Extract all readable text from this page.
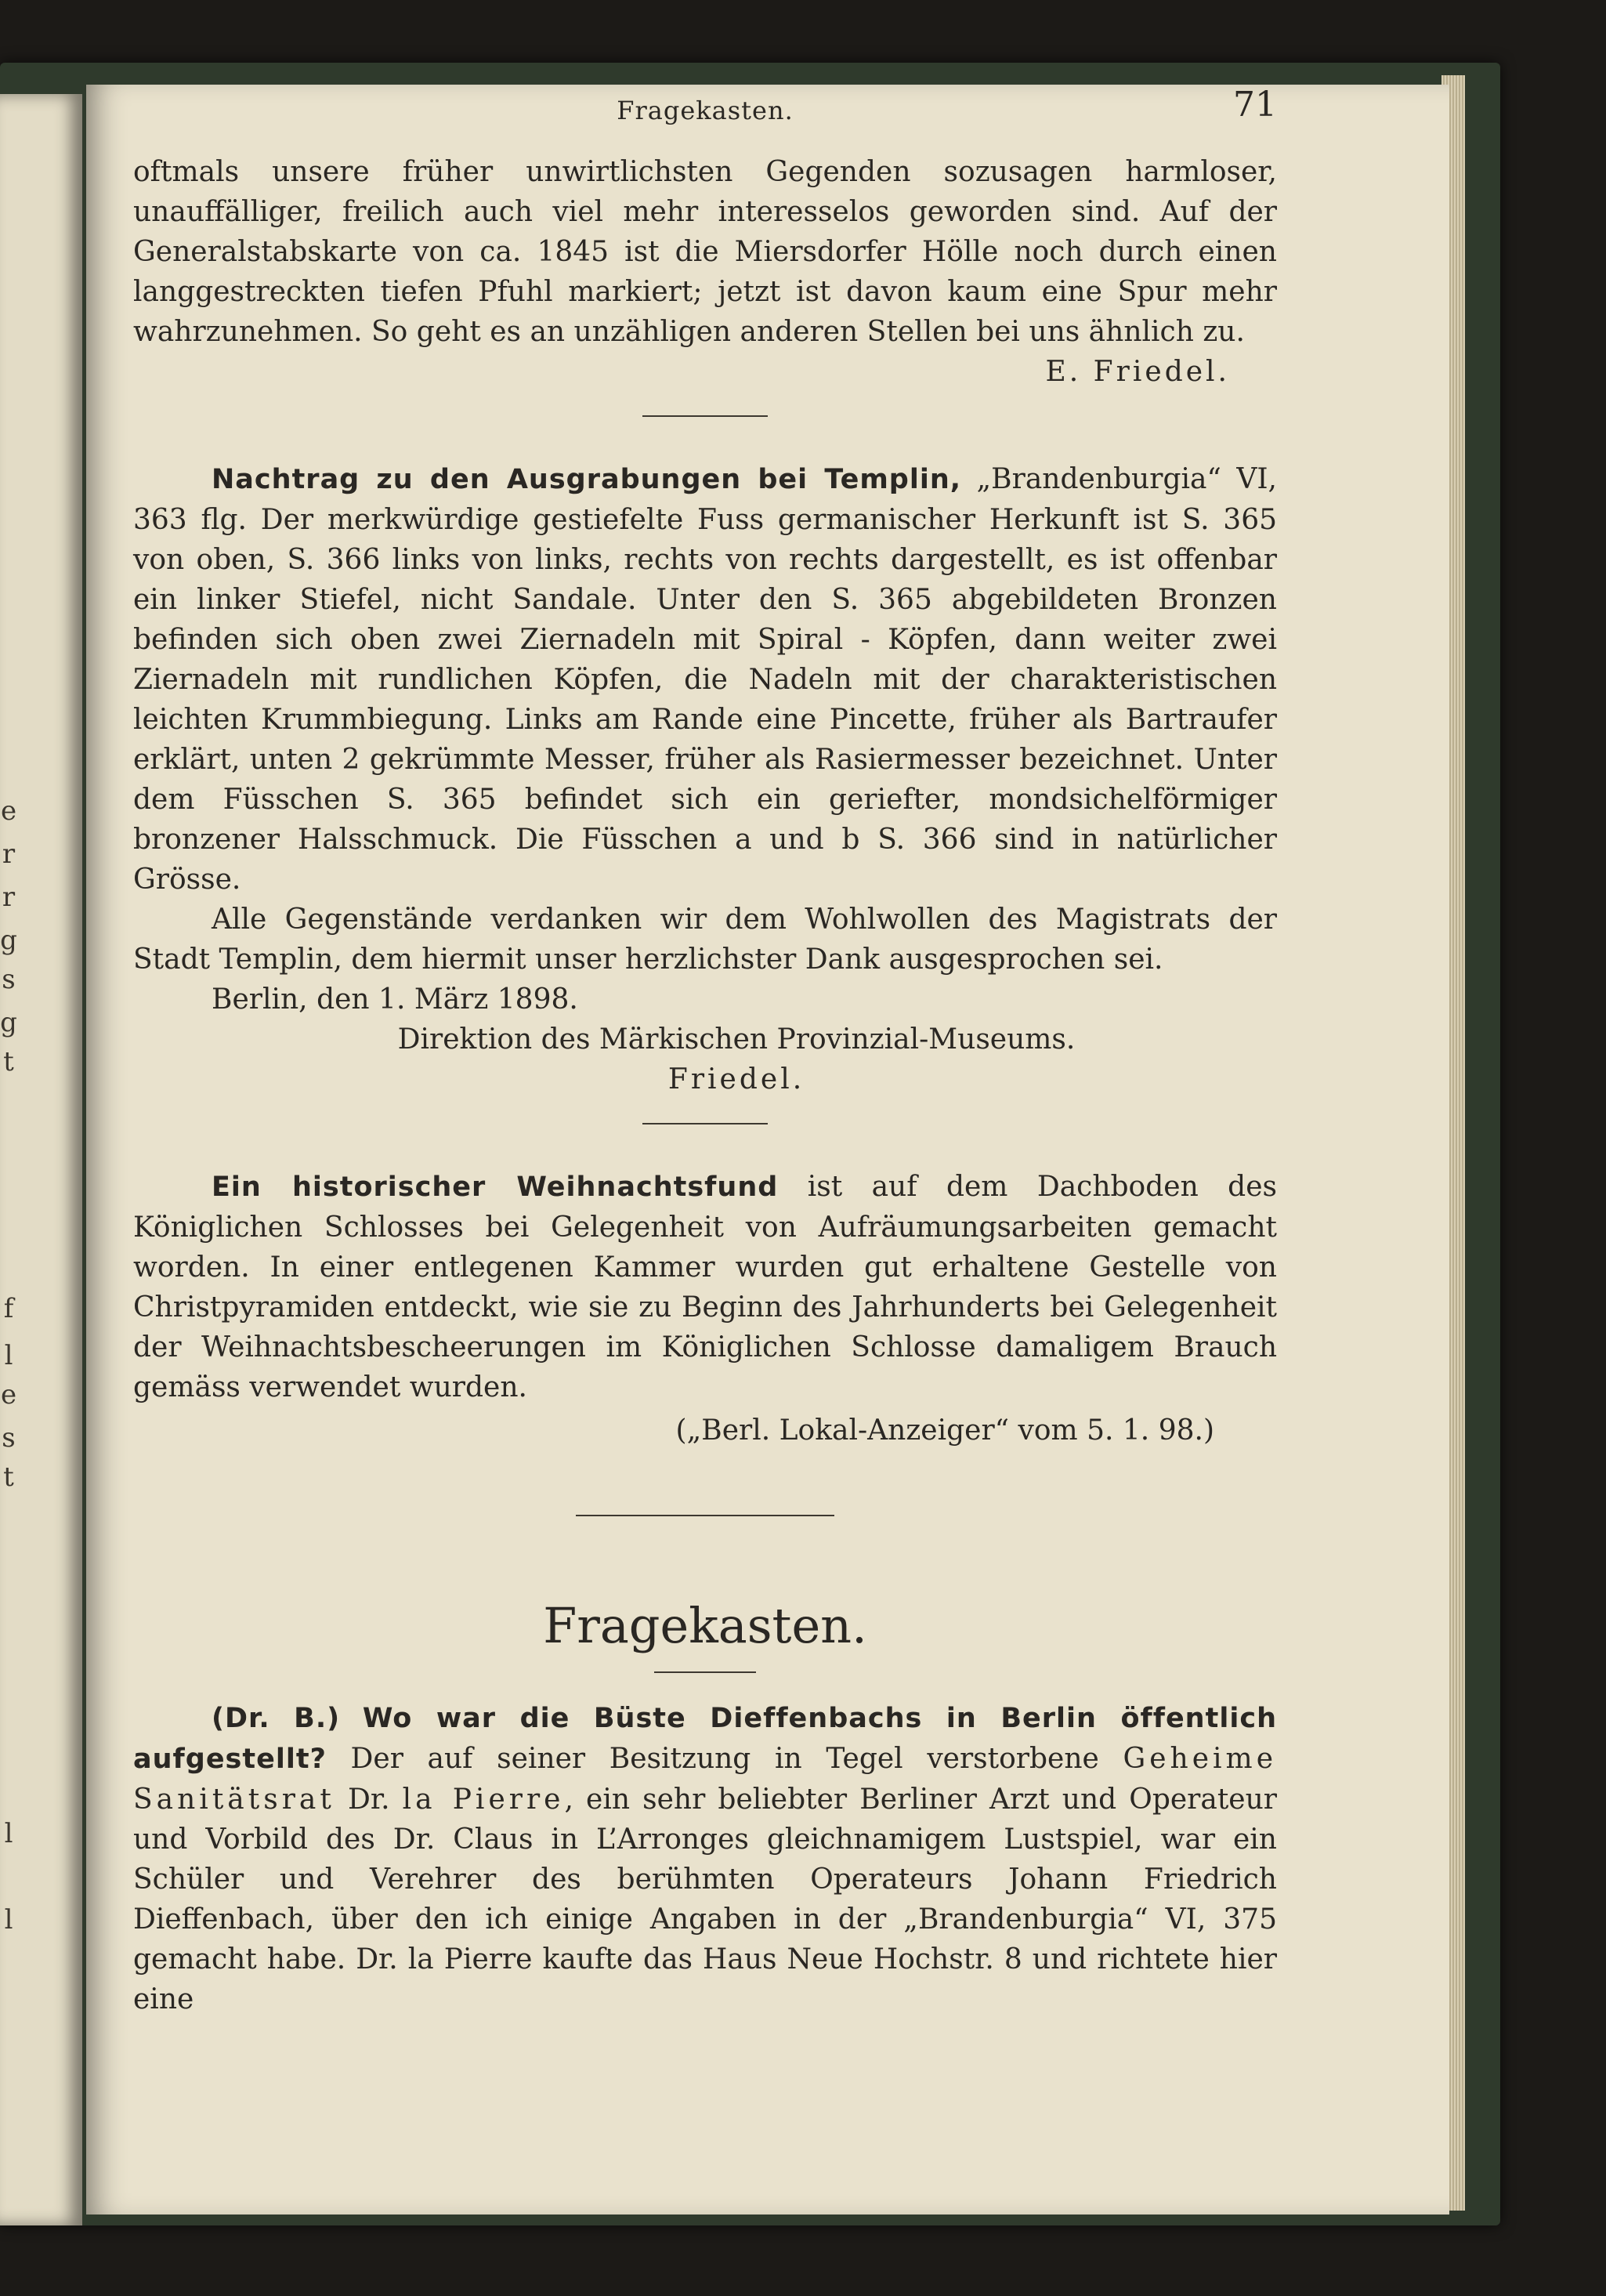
e
r
r
g
s
g
t
f
l
e
s
t
l
l
Fragekasten.	71

oftmals unsere früher unwirtlichsten Gegenden sozusagen harmloser, unauffälliger, freilich auch viel mehr interesselos geworden sind. Auf der Generalstabskarte von ca. 1845 ist die Miersdorfer Hölle noch durch einen langgestreckten tiefen Pfuhl markiert; jetzt ist davon kaum eine Spur mehr wahrzunehmen. So geht es an unzähligen anderen Stellen bei uns ähnlich zu.

E. Friedel.

Nachtrag zu den Ausgrabungen bei Templin, „Brandenburgia“ VI, 363 flg. Der merkwürdige gestiefelte Fuss germanischer Herkunft ist S. 365 von oben, S. 366 links von links, rechts von rechts dargestellt, es ist offenbar ein linker Stiefel, nicht Sandale. Unter den S. 365 abgebildeten Bronzen befinden sich oben zwei Ziernadeln mit Spiral - Köpfen, dann weiter zwei Ziernadeln mit rundlichen Köpfen, die Nadeln mit der charakteristischen leichten Krummbiegung. Links am Rande eine Pincette, früher als Bartraufer erklärt, unten 2 gekrümmte Messer, früher als Rasiermesser bezeichnet. Unter dem Füsschen S. 365 befindet sich ein geriefter, mondsichelförmiger bronzener Halsschmuck. Die Füsschen a und b S. 366 sind in natürlicher Grösse.

Alle Gegenstände verdanken wir dem Wohlwollen des Magistrats der Stadt Templin, dem hiermit unser herzlichster Dank ausgesprochen sei.

Berlin, den 1. März 1898.

Direktion des Märkischen Provinzial-Museums.

Friedel.

Ein historischer Weihnachtsfund ist auf dem Dachboden des Königlichen Schlosses bei Gelegenheit von Aufräumungsarbeiten gemacht worden. In einer entlegenen Kammer wurden gut erhaltene Gestelle von Christpyramiden entdeckt, wie sie zu Beginn des Jahrhunderts bei Gelegenheit der Weihnachtsbescheerungen im Königlichen Schlosse damaligem Brauch gemäss verwendet wurden.

(„Berl. Lokal-Anzeiger“ vom 5. 1. 98.)

Fragekasten.

(Dr. B.) Wo war die Büste Dieffenbachs in Berlin öffentlich aufgestellt? Der auf seiner Besitzung in Tegel verstorbene Geheime Sanitätsrat Dr. la Pierre, ein sehr beliebter Berliner Arzt und Operateur und Vorbild des Dr. Claus in L’Arronges gleichnamigem Lustspiel, war ein Schüler und Verehrer des berühmten Operateurs Johann Friedrich Dieffenbach, über den ich einige Angaben in der „Brandenburgia“ VI, 375 gemacht habe. Dr. la Pierre kaufte das Haus Neue Hochstr. 8 und richtete hier eine
